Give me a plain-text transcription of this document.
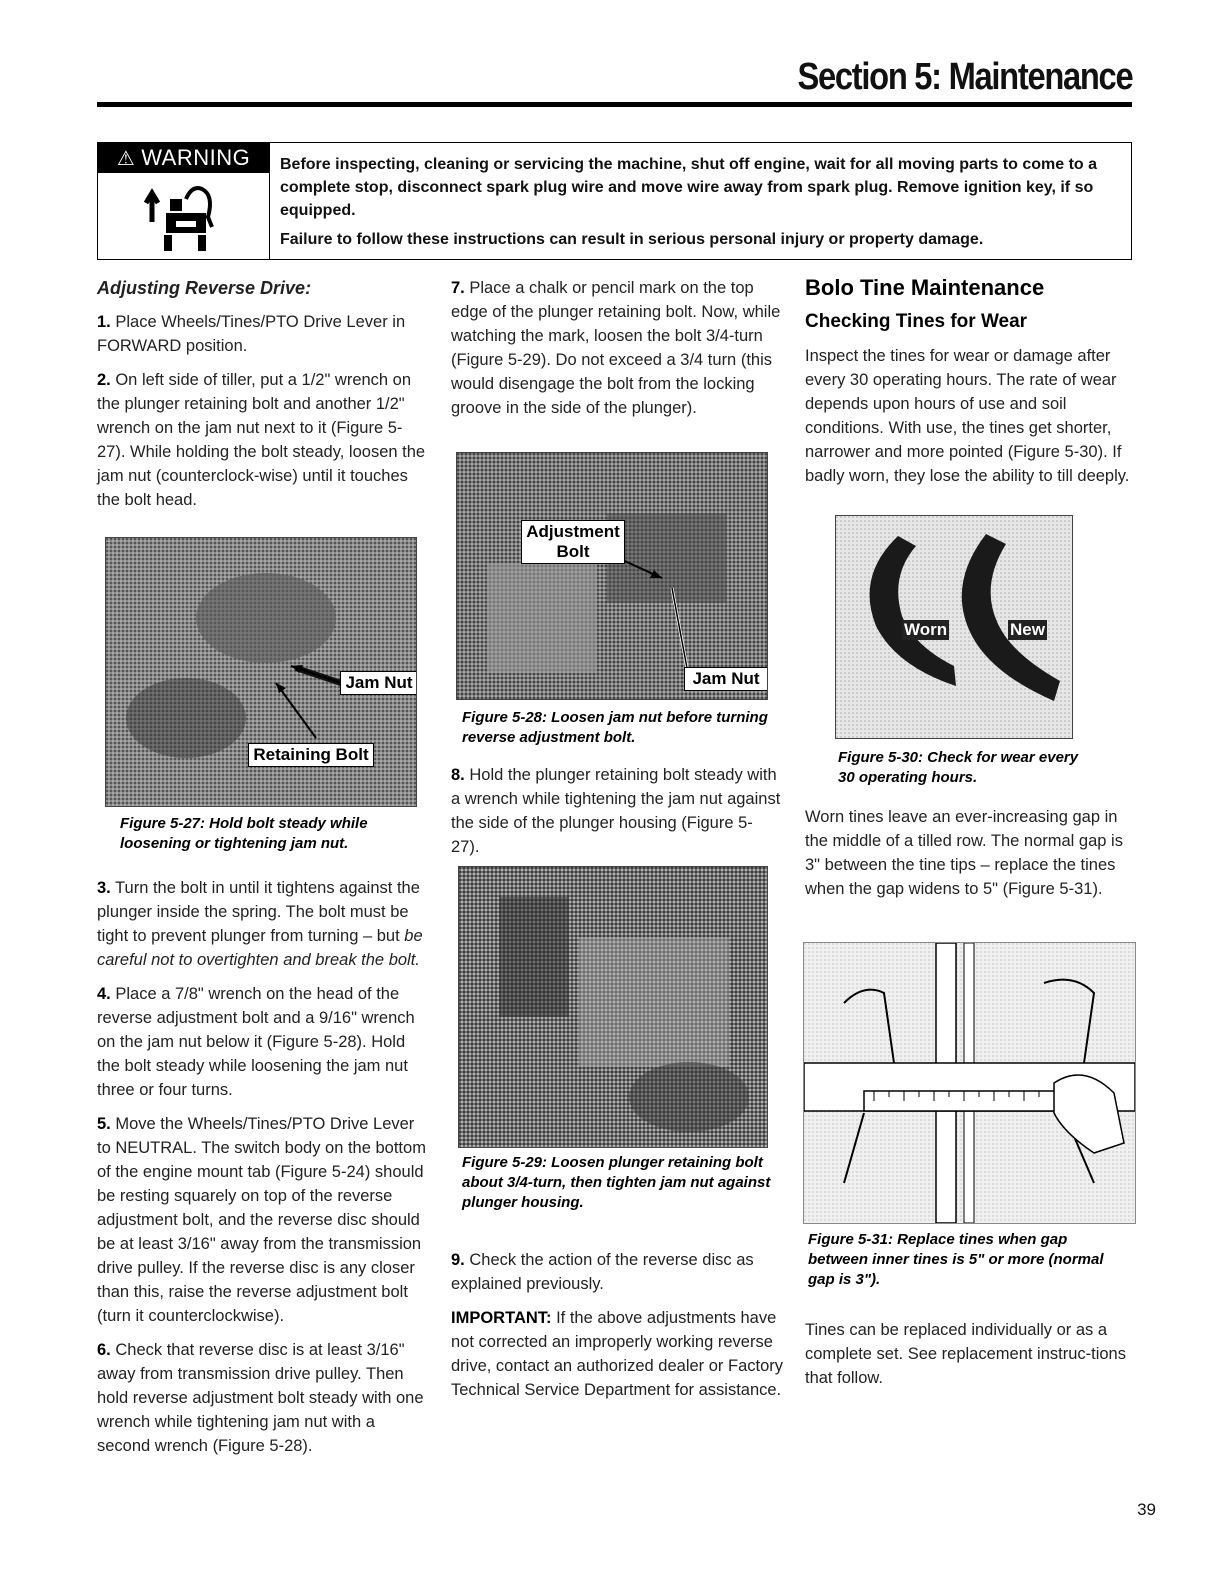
Section 5: Maintenance
⚠ WARNING	Before inspecting, cleaning or servicing the machine, shut off engine, wait for all moving parts to come to a complete stop, disconnect spark plug wire and move wire away from spark plug. Remove ignition key, if so equipped.

Failure to follow these instructions can result in serious personal injury or property damage.

Adjusting Reverse Drive:

1. Place Wheels/Tines/PTO Drive Lever in FORWARD position.

2. On left side of tiller, put a 1/2" wrench on the plunger retaining bolt and another 1/2" wrench on the jam nut next to it (Figure 5-27). While holding the bolt steady, loosen the jam nut (counterclock-wise) until it touches the bolt head.

Jam Nut
Retaining Bolt

Figure 5-27: Hold bolt steady while loosening or tightening jam nut.

3. Turn the bolt in until it tightens against the plunger inside the spring. The bolt must be tight to prevent plunger from turning – but be careful not to overtighten and break the bolt.

4. Place a 7/8" wrench on the head of the reverse adjustment bolt and a 9/16" wrench on the jam nut below it (Figure 5-28). Hold the bolt steady while loosening the jam nut three or four turns.

5. Move the Wheels/Tines/PTO Drive Lever to NEUTRAL. The switch body on the bottom of the engine mount tab (Figure 5-24) should be resting squarely on top of the reverse adjustment bolt, and the reverse disc should be at least 3/16" away from the transmission drive pulley. If the reverse disc is any closer than this, raise the reverse adjustment bolt (turn it counterclockwise).

6. Check that reverse disc is at least 3/16" away from transmission drive pulley. Then hold reverse adjustment bolt steady with one wrench while tightening jam nut with a second wrench (Figure 5-28).

7. Place a chalk or pencil mark on the top edge of the plunger retaining bolt. Now, while watching the mark, loosen the bolt 3/4-turn (Figure 5-29). Do not exceed a 3/4 turn (this would disengage the bolt from the locking groove in the side of the plunger).

Adjustment Bolt
Jam Nut

Figure 5-28: Loosen jam nut before turning reverse adjustment bolt.

8. Hold the plunger retaining bolt steady with a wrench while tightening the jam nut against the side of the plunger housing (Figure 5-27).

Figure 5-29: Loosen plunger retaining bolt about 3/4-turn, then tighten jam nut against plunger housing.

9. Check the action of the reverse disc as explained previously.

IMPORTANT: If the above adjustments have not corrected an improperly working reverse drive, contact an authorized dealer or Factory Technical Service Department for assistance.

Bolo Tine Maintenance

Checking Tines for Wear

Inspect the tines for wear or damage after every 30 operating hours. The rate of wear depends upon hours of use and soil conditions. With use, the tines get shorter, narrower and more pointed (Figure 5-30). If badly worn, they lose the ability to till deeply.

Worn	New

Figure 5-30: Check for wear every 30 operating hours.

Worn tines leave an ever-increasing gap in the middle of a tilled row. The normal gap is 3" between the tine tips – replace the tines when the gap widens to 5" (Figure 5-31).

Figure 5-31: Replace tines when gap between inner tines is 5" or more (normal gap is 3").

Tines can be replaced individually or as a complete set. See replacement instruc-tions that follow.

39
